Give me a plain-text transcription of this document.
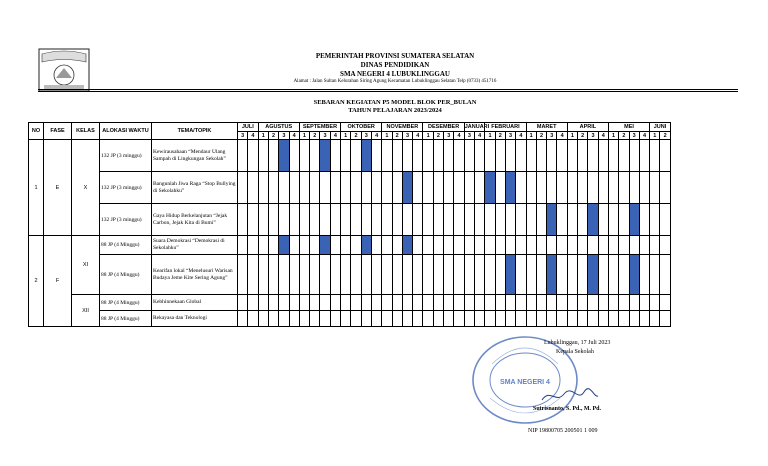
PEMERINTAH PROVINSI SUMATERA SELATAN
DINAS PENDIDIKAN
SMA NEGERI 4 LUBUKLINGGAU
Alamat : Jalan Sultan Kelurahan Siring Agung Kecamatan Lubuklinggau Selatan Telp (0733) 451716
SEBARAN KEGIATAN P5 MODEL BLOK PER_BULAN
TAHUN PELAJARAN 2023/2024
NO	FASE	KELAS	ALOKASI WAKTU	TEMA/TOPIK	JULI		AGUSTUS				SEPTEMBER				OKTOBER				NOVEMBER				DESEMBER				JANUARI		FEBRUARI				MARET				APRIL				MEI				JUNI	
					3	4	1	2	3	4	1	2	3	4	1	2	3	4	1	2	3	4	1	2	3	4	3	4	1	2	3	4	1	2	3	4	1	2	3	4	1	2	3	4	1	2
1	E	X	132 JP (3 minggu)	Kewirausahaan “Mendaur Ulang Sampah di Lingkungan Sekolah”																																										
			132 JP (3 minggu)	Bangunlah Jiwa Raga “Stop Bullying di Sekolahku”																																										
			132 JP (3 minggu)	Gaya Hidup Berkelanjutan “Jejak Carbon, Jejak Kita di Bumi”																																										
2	F	XI	88 JP (4 Minggu)	Suara Demokrasi “Demokrasi di Sekolahku”																																										
			88 JP (4 Minggu)	Kearifan lokal “Menelusuri Warisan Budaya Jeme Kite Sering Agung”																																										
		XII	88 JP (4 Minggu)	Kebhinnekaan Global																																										
			88 JP (4 Minggu)	Rekayasa dan Teknologi																																										
SMA NEGERI 4
Lubuklinggau, 17 Juli 2023
Kepala Sekolah
Sutrisnanto, S. Pd., M. Pd.
NIP 19800705 200501 1 009
